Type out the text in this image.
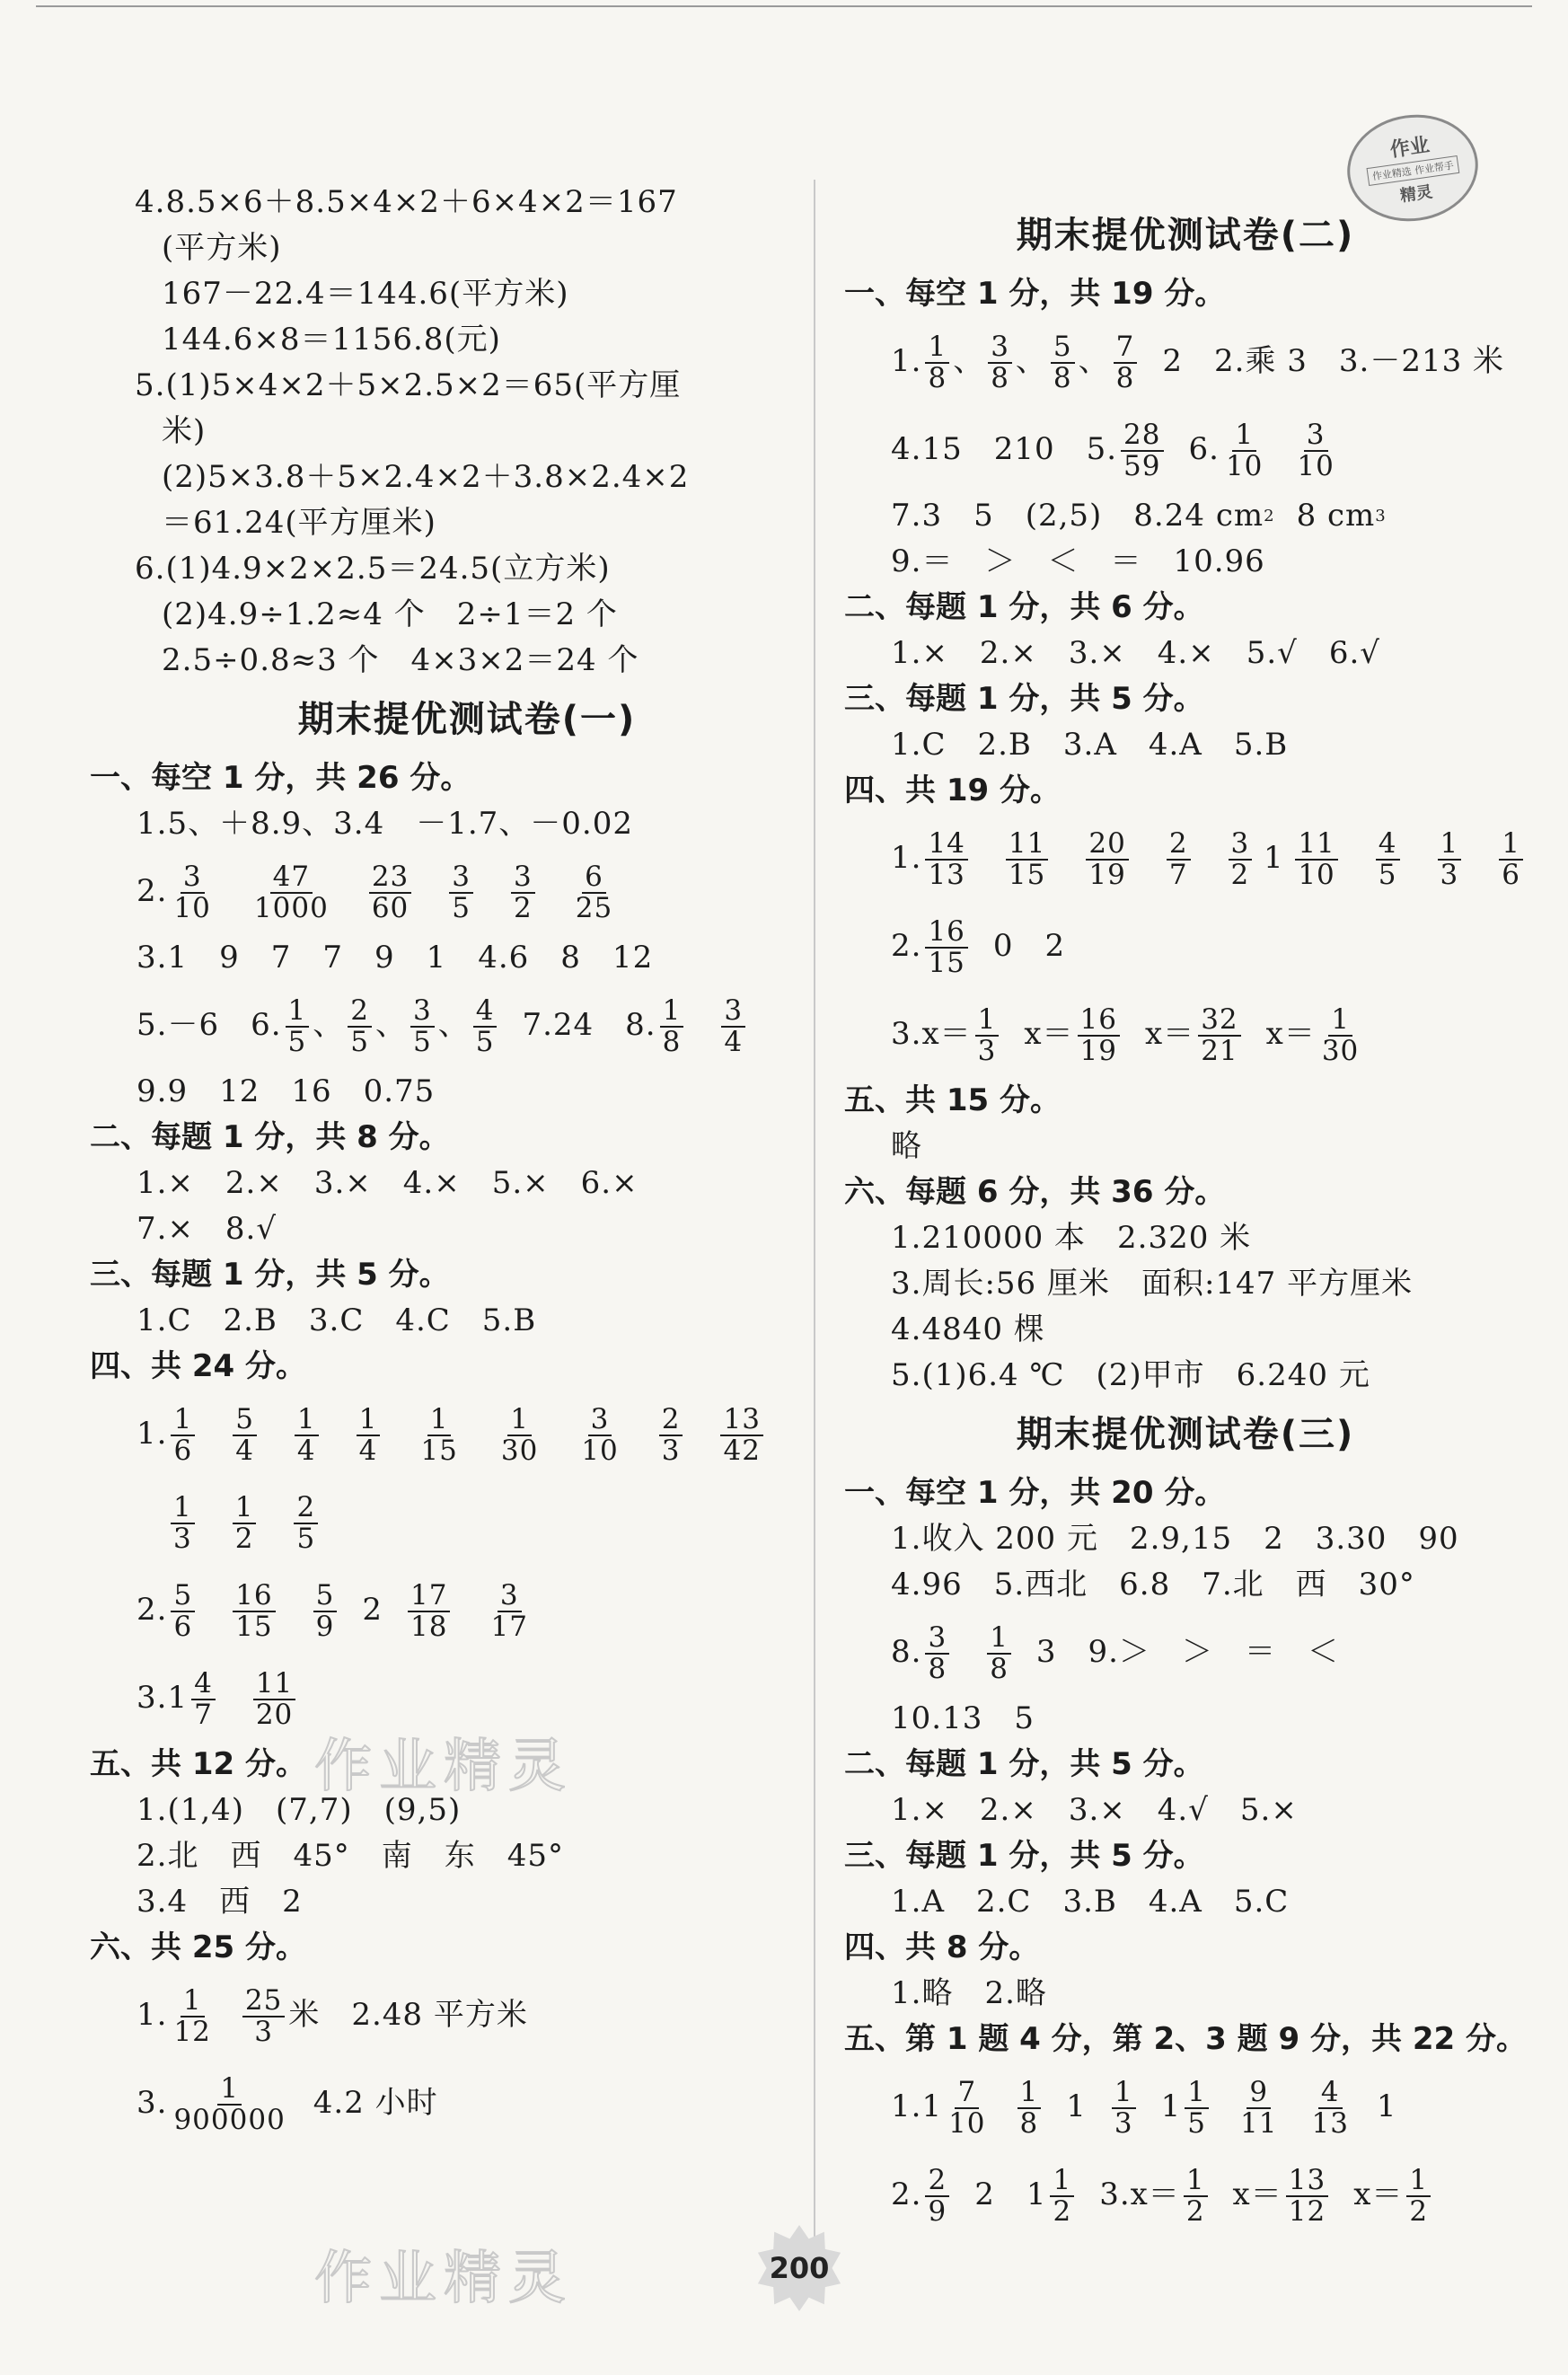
作业
作业精选 作业帮手
精灵
作业精灵
作业精灵
4.8.5×6＋8.5×4×2＋6×4×2＝167
(平方米)
167－22.4＝144.6(平方米)
144.6×8＝1156.8(元)
5.(1)5×4×2＋5×2.5×2＝65(平方厘
米)
(2)5×3.8＋5×2.4×2＋3.8×2.4×2
＝61.24(平方厘米)
6.(1)4.9×2×2.5＝24.5(立方米)
(2)4.9÷1.2≈4 个　2÷1＝2 个
2.5÷0.8≈3 个　4×3×2＝24 个
期末提优测试卷(一)
一、每空 1 分，共 26 分。
1.5、＋8.9、3.4　－1.7、－0.02
2. $\frac{3}{10} \frac{47}{1000} \frac{23}{60} \frac{3}{5} \frac{3}{2} \frac{6}{25}$
3.1　9　7　7　9　1　4.6　8　12
5.－6　6. $\frac{1}{5}$ 、 $\frac{2}{5}$ 、 $\frac{3}{5}$ 、 $\frac{4}{5} 7.24$　8. $\frac{1}{8} \frac{3}{4}$
9.9　12　16　0.75
二、每题 1 分，共 8 分。
1.×　2.×　3.×　4.×　5.×　6.×
7.×　8.√
三、每题 1 分，共 5 分。
1.C　2.B　3.C　4.C　5.B
四、共 24 分。
1. $\frac{1}{6} \frac{5}{4} \frac{1}{4} \frac{1}{4} \frac{1}{15} \frac{1}{30} \frac{3}{10} \frac{2}{3} \frac{13}{42}$
$\frac{1}{3} \frac{1}{2} \frac{2}{5}$
2. $\frac{5}{6} \frac{16}{15} \frac{5}{9} 2 \frac{17}{18} \frac{3}{17}$
$3.1 \frac{4}{7} \frac{11}{20}$
五、共 12 分。
1.(1,4)　(7,7)　(9,5)
2.北　西　45°　南　东　45°
3.4　西　2
六、共 25 分。
1. $\frac{1}{12} \frac{25}{3}$ 米　2.48 平方米
3. $\frac{1}{900000} 4.2$ 小时
期末提优测试卷(二)
一、每空 1 分，共 19 分。
1. $\frac{1}{8}$ 、 $\frac{3}{8}$ 、 $\frac{5}{8}$ 、 $\frac{7}{8} 2$　2.乘 3　3.－213 米
4.15　210　5. $\frac{28}{59} 6$. $\frac{1}{10} \frac{3}{10}$
7.3　5　(2,5)　8.24 cm 2 8 cm 3
9.＝　＞　＜　＝　10.96
二、每题 1 分，共 6 分。
1.×　2.×　3.×　4.×　5.√　6.√
三、每题 1 分，共 5 分。
1.C　2.B　3.A　4.A　5.B
四、共 19 分。
1. $\frac{14}{13} \frac{11}{15} \frac{20}{19} \frac{2}{7} \frac{3}{2} 1 \frac{11}{10} \frac{4}{5} \frac{1}{3} \frac{1}{6}$
2. $\frac{16}{15} 0$　2
$3.x= \frac{1}{3} x= \frac{16}{19} x= \frac{32}{21} x= \frac{1}{30}$
五、共 15 分。
略
六、每题 6 分，共 36 分。
1.210000 本　2.320 米
3.周长:56 厘米　面积:147 平方厘米
4.4840 棵
5.(1)6.4 ℃　(2)甲市　6.240 元
期末提优测试卷(三)
一、每空 1 分，共 20 分。
1.收入 200 元　2.9,15　2　3.30　90
4.96　5.西北　6.8　7.北　西　30°
8. $\frac{3}{8} \frac{1}{8} 3$　9.＞　＞　＝　＜
10.13　5
二、每题 1 分，共 5 分。
1.×　2.×　3.×　4.√　5.×
三、每题 1 分，共 5 分。
1.A　2.C　3.B　4.A　5.C
四、共 8 分。
1.略　2.略
五、第 1 题 4 分，第 2、3 题 9 分，共 22 分。
$1.1 \frac{7}{10} \frac{1}{8} 1 \frac{1}{3} 1 \frac{1}{5} \frac{9}{11} \frac{4}{13} 1$
2. $\frac{2}{9} 2$　$1 \frac{1}{2} 3.x= \frac{1}{2} x= \frac{13}{12} x= \frac{1}{2}$
200
